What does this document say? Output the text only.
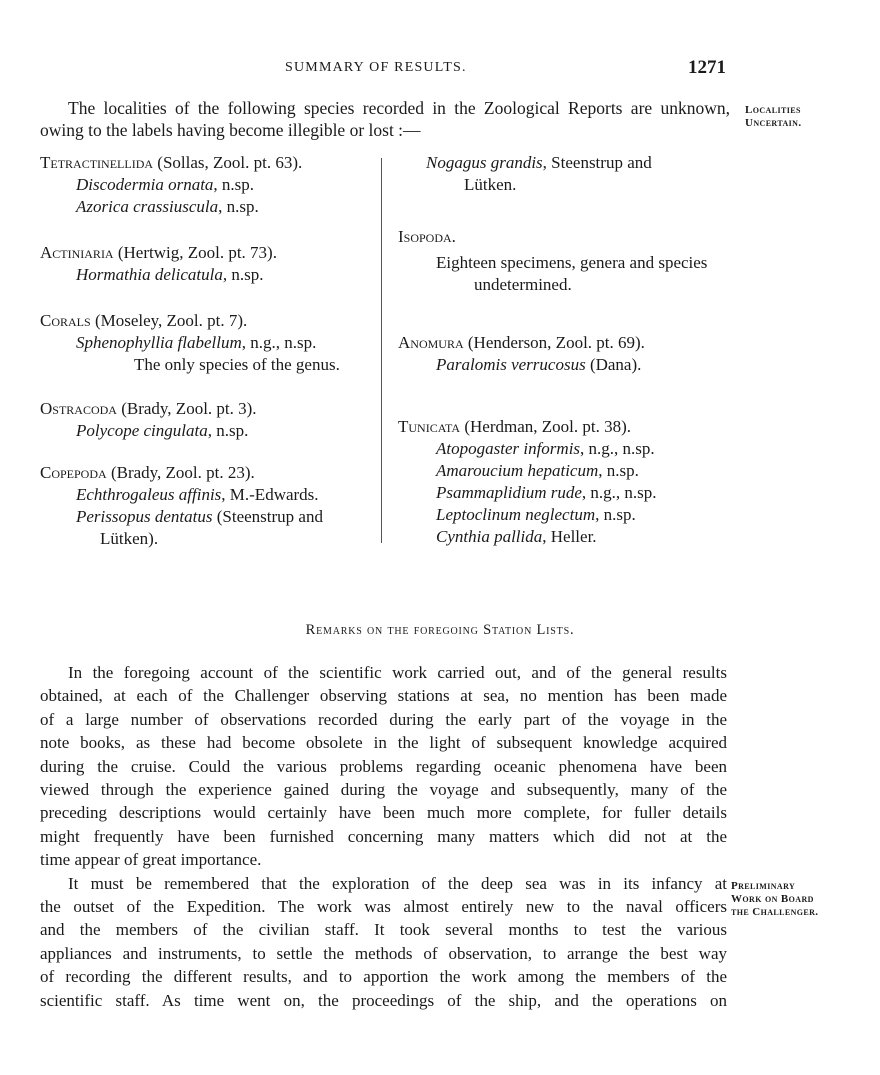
SUMMARY OF RESULTS.	1271
The localities of the following species recorded in the Zoological Reports are unknown,
owing to the labels having become illegible or lost :—
Localities
Uncertain.
Tetractinellida (Sollas, Zool. pt. 63).
Discodermia ornata, n.sp.
Azorica crassiuscula, n.sp.
Actiniaria (Hertwig, Zool. pt. 73).
Hormathia delicatula, n.sp.
Corals (Moseley, Zool. pt. 7).
Sphenophyllia flabellum, n.g., n.sp.
The only species of the genus.
Ostracoda (Brady, Zool. pt. 3).
Polycope cingulata, n.sp.
Copepoda (Brady, Zool. pt. 23).
Echthrogaleus affinis, M.-Edwards.
Perissopus dentatus (Steenstrup and
Lütken).
Nogagus grandis, Steenstrup and
Lütken.
Isopoda.
Eighteen specimens, genera and species
undetermined.
Anomura (Henderson, Zool. pt. 69).
Paralomis verrucosus (Dana).
Tunicata (Herdman, Zool. pt. 38).
Atopogaster informis, n.g., n.sp.
Amaroucium hepaticum, n.sp.
Psammaplidium rude, n.g., n.sp.
Leptoclinum neglectum, n.sp.
Cynthia pallida, Heller.
Remarks on the foregoing Station Lists.
In the foregoing account of the scientific work carried out, and of the general results
obtained, at each of the Challenger observing stations at sea, no mention has been made
of a large number of observations recorded during the early part of the voyage in the
note books, as these had become obsolete in the light of subsequent knowledge acquired
during the cruise. Could the various problems regarding oceanic phenomena have been
viewed through the experience gained during the voyage and subsequently, many of the
preceding descriptions would certainly have been much more complete, for fuller details
might frequently have been furnished concerning many matters which did not at the
time appear of great importance.
It must be remembered that the exploration of the deep sea was in its infancy at
the outset of the Expedition. The work was almost entirely new to the naval officers
and the members of the civilian staff. It took several months to test the various
appliances and instruments, to settle the methods of observation, to arrange the best way
of recording the different results, and to apportion the work among the members of the
scientific staff. As time went on, the proceedings of the ship, and the operations on
Preliminary
Work on Board
the Challenger.
